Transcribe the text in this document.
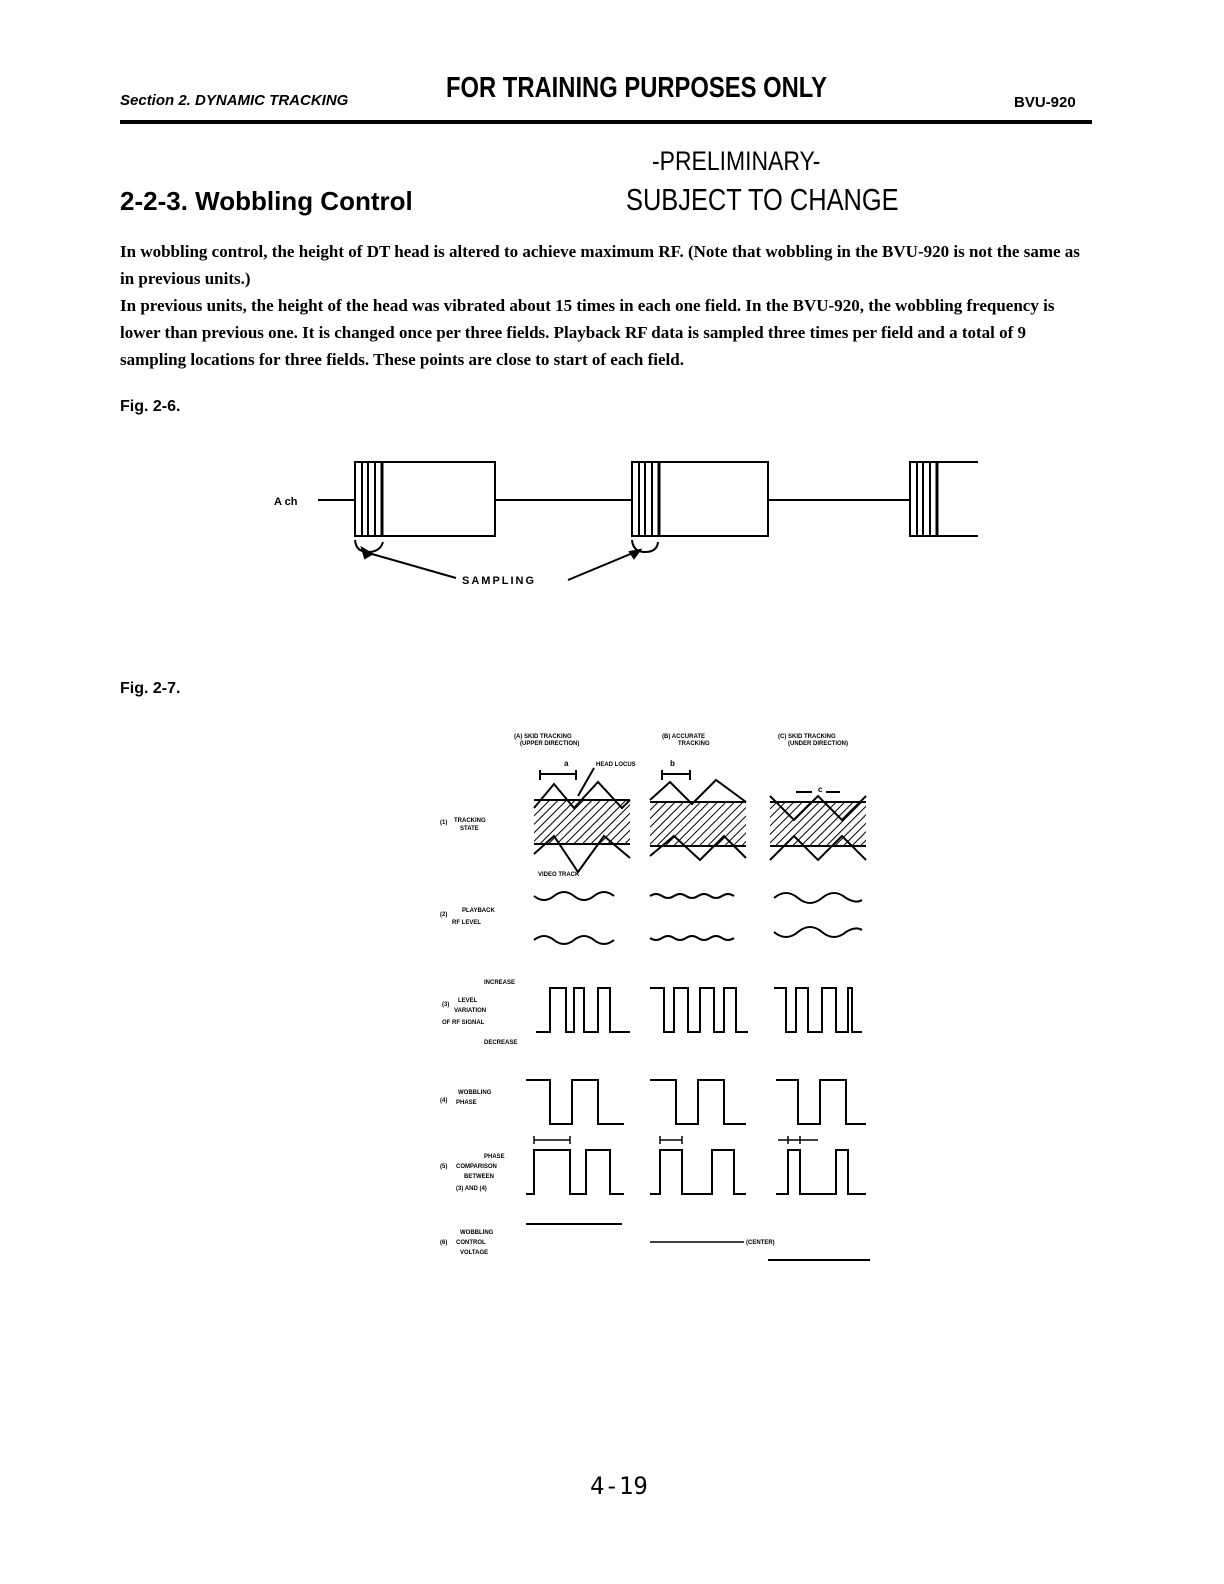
Section 2. DYNAMIC TRACKING	FOR TRAINING PURPOSES ONLY	BVU-920
-PRELIMINARY-
SUBJECT TO CHANGE
2-2-3. Wobbling Control

In wobbling control, the height of DT head is altered to achieve maximum RF. (Note that wobbling in the BVU-920 is not the same as in previous units.)

In previous units, the height of the head was vibrated about 15 times in each one field. In the BVU-920, the wobbling frequency is lower than previous one. It is changed once per three fields. Playback RF data is sampled three times per field and a total of 9 sampling locations for three fields. These points are close to start of each field.

Fig. 2-6.
A ch
SAMPLING
Fig. 2-7.
(A) SKID TRACKING
(UPPER DIRECTION)
(B) ACCURATE
TRACKING
(C) SKID TRACKING
(UNDER DIRECTION)
HEAD LOCUS
VIDEO TRACK
a	b
c
(1) TRACKING
STATE
(2)
PLAYBACK
RF LEVEL
INCREASE
(3)
LEVEL
VARIATION
OF RF SIGNAL
DECREASE
(4)
WOBBLING
PHASE
(5)
PHASE
COMPARISON
BETWEEN
(3) AND (4)
(6)
WOBBLING
CONTROL
VOLTAGE
(CENTER)
4-19
